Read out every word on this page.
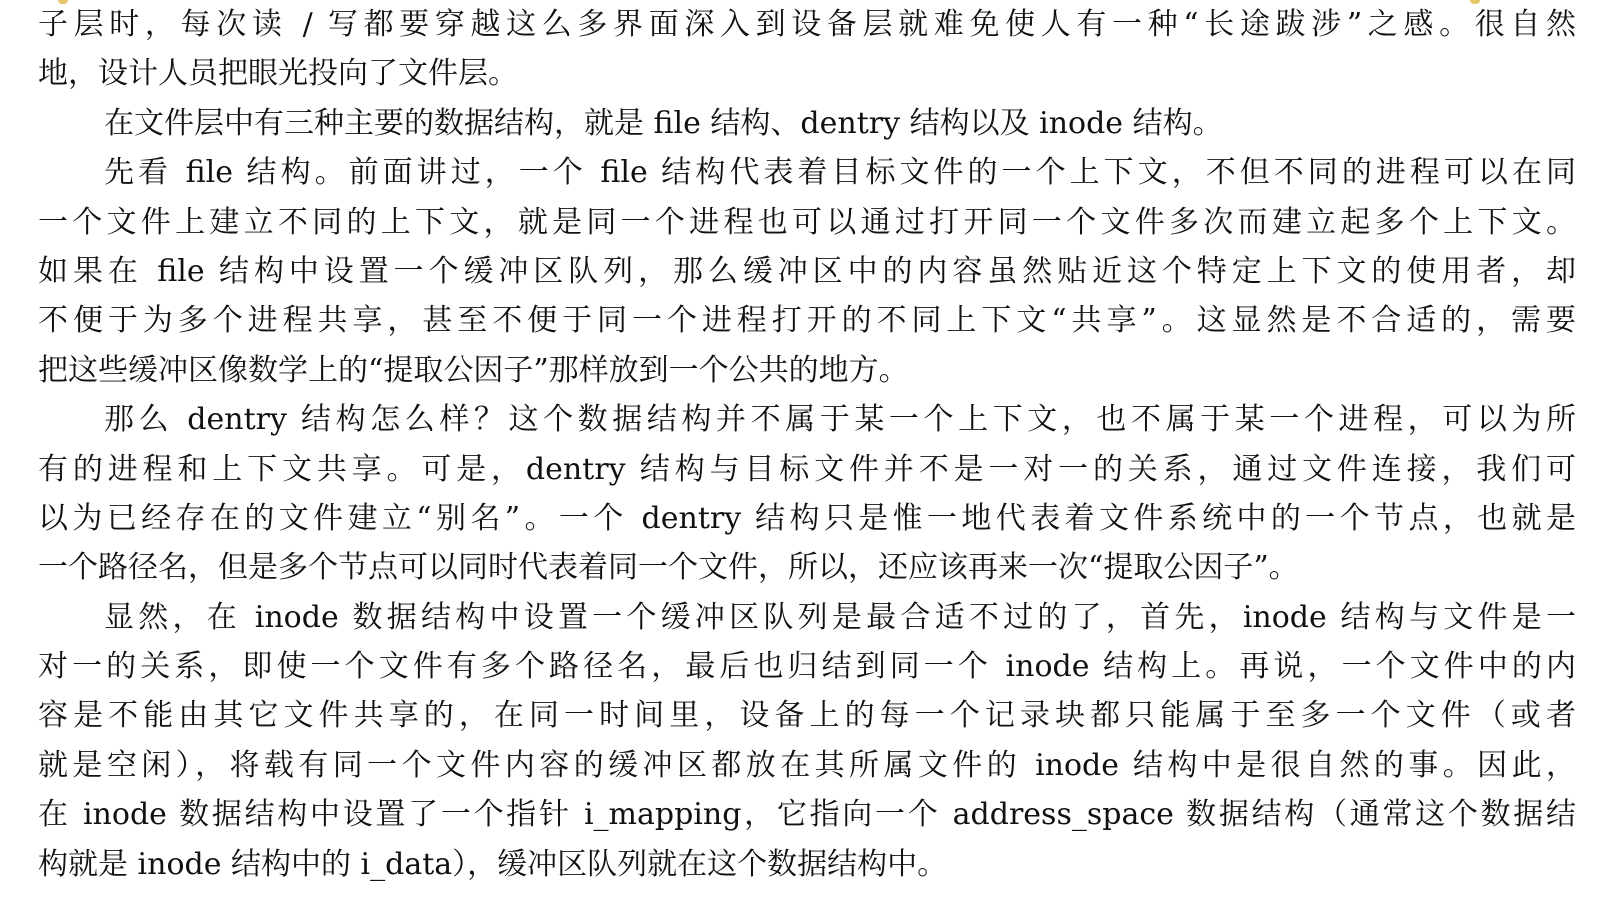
子层时，每次读 / 写都要穿越这么多界面深入到设备层就难免使人有一种“长途跋涉”之感。很自然
地，设计人员把眼光投向了文件层。
在文件层中有三种主要的数据结构，就是 file 结构、dentry 结构以及 inode 结构。
先看 file 结构。前面讲过，一个 file 结构代表着目标文件的一个上下文，不但不同的进程可以在同
一个文件上建立不同的上下文，就是同一个进程也可以通过打开同一个文件多次而建立起多个上下文。
如果在 file 结构中设置一个缓冲区队列，那么缓冲区中的内容虽然贴近这个特定上下文的使用者，却
不便于为多个进程共享，甚至不便于同一个进程打开的不同上下文“共享”。这显然是不合适的，需要
把这些缓冲区像数学上的“提取公因子”那样放到一个公共的地方。
那么 dentry 结构怎么样？这个数据结构并不属于某一个上下文，也不属于某一个进程，可以为所
有的进程和上下文共享。可是，dentry 结构与目标文件并不是一对一的关系，通过文件连接，我们可
以为已经存在的文件建立“别名”。一个 dentry 结构只是惟一地代表着文件系统中的一个节点，也就是
一个路径名，但是多个节点可以同时代表着同一个文件，所以，还应该再来一次“提取公因子”。
显然，在 inode 数据结构中设置一个缓冲区队列是最合适不过的了，首先，inode 结构与文件是一
对一的关系，即使一个文件有多个路径名，最后也归结到同一个 inode 结构上。再说，一个文件中的内
容是不能由其它文件共享的，在同一时间里，设备上的每一个记录块都只能属于至多一个文件（或者
就是空闲），将载有同一个文件内容的缓冲区都放在其所属文件的 inode 结构中是很自然的事。因此，
在 inode 数据结构中设置了一个指针 i_mapping，它指向一个 address_space 数据结构（通常这个数据结
构就是 inode 结构中的 i_data），缓冲区队列就在这个数据结构中。
